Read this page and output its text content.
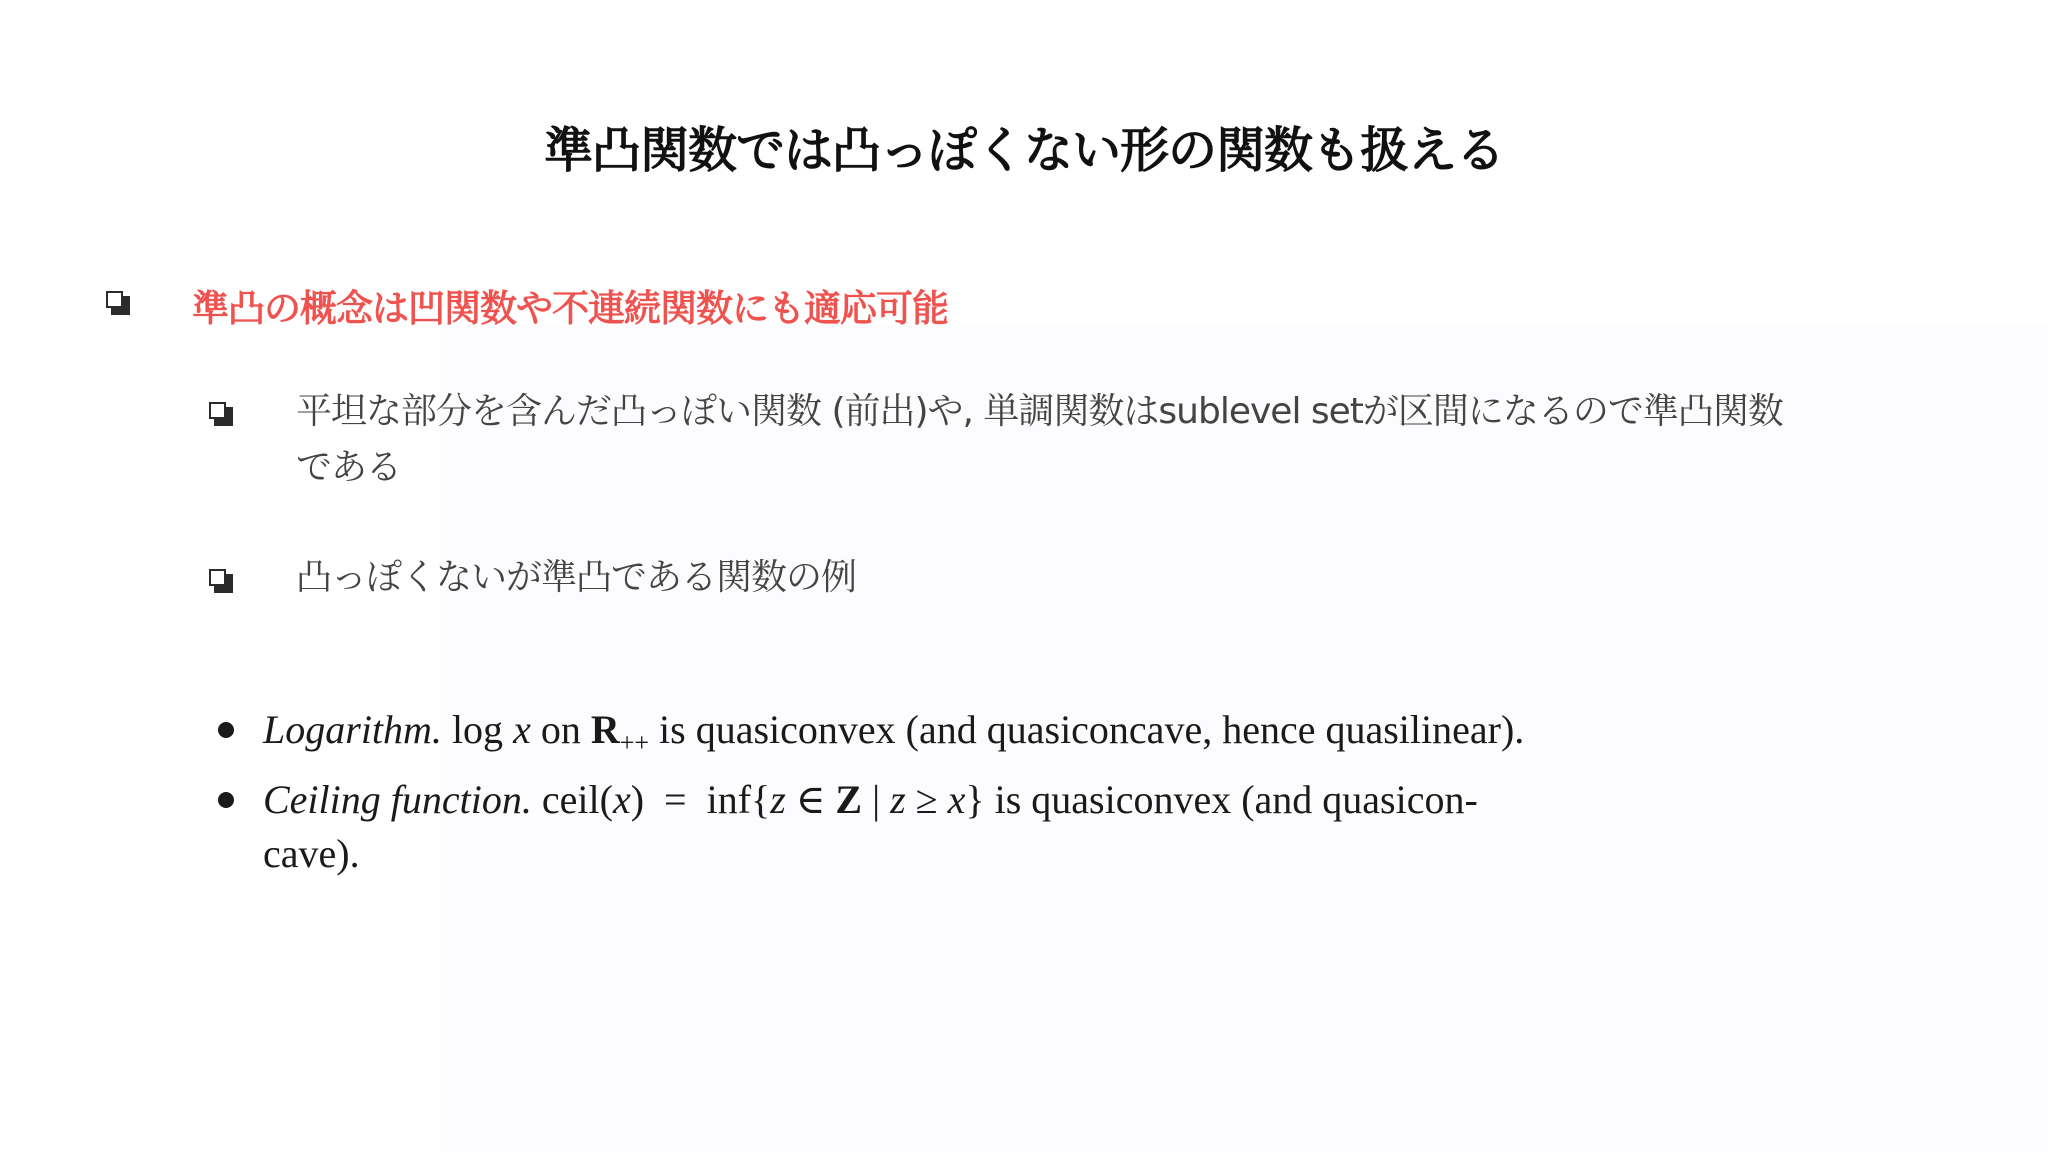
準凸関数では凸っぽくない形の関数も扱える
準凸の概念は凹関数や不連続関数にも適応可能
平坦な部分を含んだ凸っぽい関数 (前出)や, 単調関数はsublevel setが区間になるので準凸関数
である
凸っぽくないが準凸である関数の例
Logarithm. log x on $R_{++}$ is quasiconvex (and quasiconcave, hence quasilinear).
Ceiling function. ceil(x)  =  inf{z ∈ Z | z ≥ x} is quasiconvex (and quasicon-
cave).
